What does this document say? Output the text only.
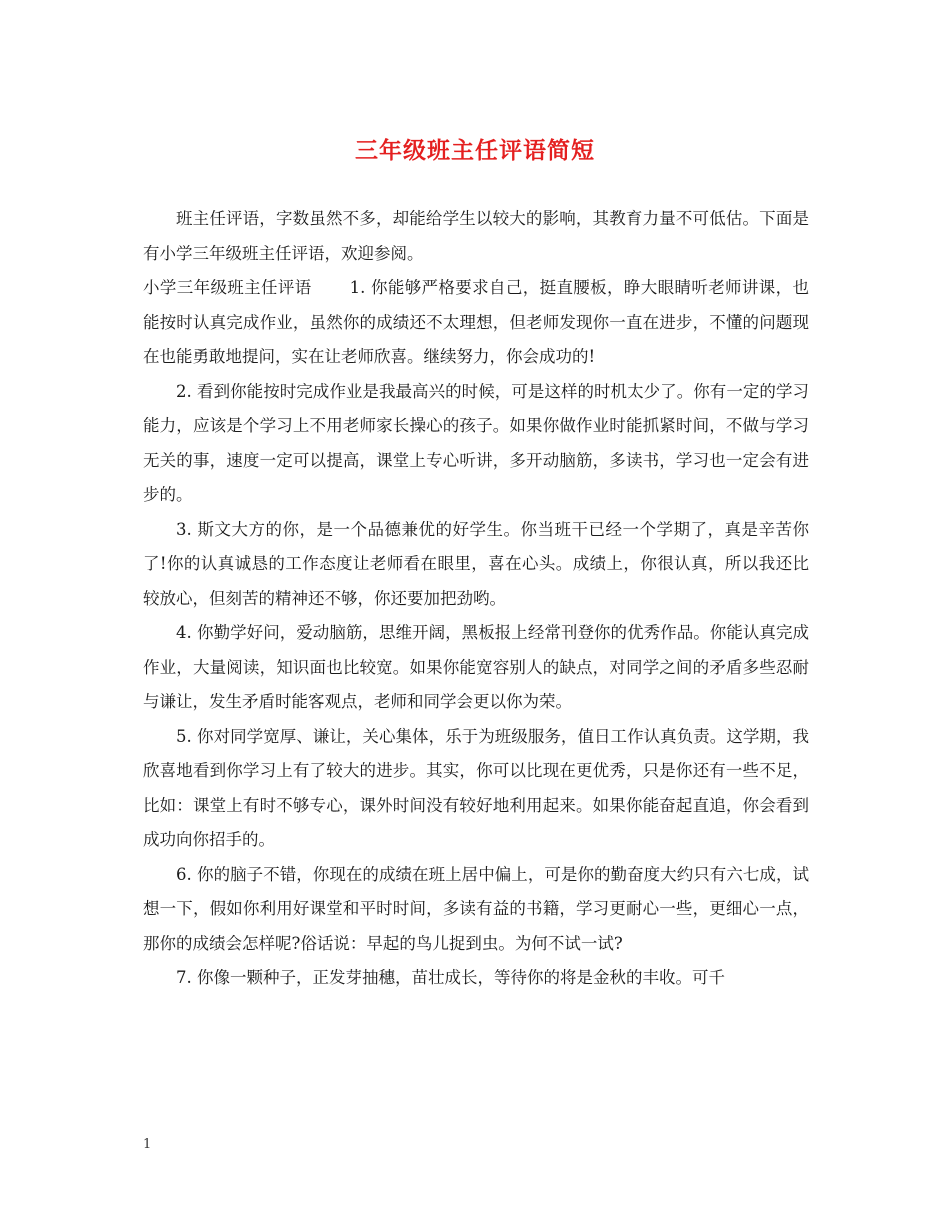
三年级班主任评语简短

班主任评语，字数虽然不多，却能给学生以较大的影响，其教育力量不可低估。下面是有小学三年级班主任评语，欢迎参阅。

小学三年级班主任评语 1. 你能够严格要求自己，挺直腰板，睁大眼睛听老师讲课，也能按时认真完成作业，虽然你的成绩还不太理想，但老师发现你一直在进步，不懂的问题现在也能勇敢地提问，实在让老师欣喜。继续努力，你会成功的!

2. 看到你能按时完成作业是我最高兴的时候，可是这样的时机太少了。你有一定的学习能力，应该是个学习上不用老师家长操心的孩子。如果你做作业时能抓紧时间，不做与学习无关的事，速度一定可以提高，课堂上专心听讲，多开动脑筋，多读书，学习也一定会有进步的。

3. 斯文大方的你，是一个品德兼优的好学生。你当班干已经一个学期了，真是辛苦你了!你的认真诚恳的工作态度让老师看在眼里，喜在心头。成绩上，你很认真，所以我还比较放心，但刻苦的精神还不够，你还要加把劲哟。

4. 你勤学好问，爱动脑筋，思维开阔，黑板报上经常刊登你的优秀作品。你能认真完成作业，大量阅读，知识面也比较宽。如果你能宽容别人的缺点，对同学之间的矛盾多些忍耐与谦让，发生矛盾时能客观点，老师和同学会更以你为荣。

5. 你对同学宽厚、谦让，关心集体，乐于为班级服务，值日工作认真负责。这学期，我欣喜地看到你学习上有了较大的进步。其实，你可以比现在更优秀，只是你还有一些不足，比如：课堂上有时不够专心，课外时间没有较好地利用起来。如果你能奋起直追，你会看到成功向你招手的。

6. 你的脑子不错，你现在的成绩在班上居中偏上，可是你的勤奋度大约只有六七成，试想一下，假如你利用好课堂和平时时间，多读有益的书籍，学习更耐心一些，更细心一点，那你的成绩会怎样呢?俗话说：早起的鸟儿捉到虫。为何不试一试?

7. 你像一颗种子，正发芽抽穗，苗壮成长，等待你的将是金秋的丰收。可千

1
